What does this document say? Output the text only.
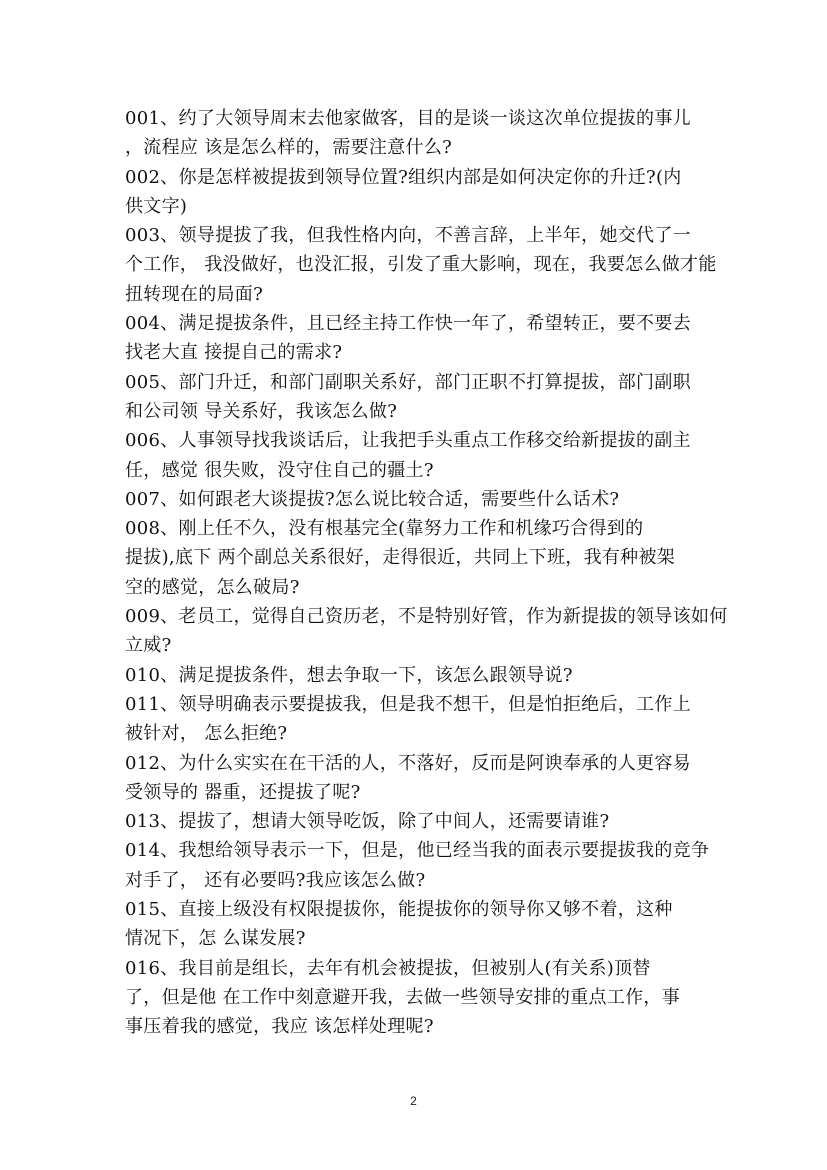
001、约了大领导周末去他家做客，目的是谈一谈这次单位提拔的事儿
，流程应 该是怎么样的，需要注意什么?

002、你是怎样被提拔到领导位置?组织内部是如何决定你的升迁?(内
供文字)

003、领导提拔了我，但我性格内向，不善言辞，上半年，她交代了一
个工作， 我没做好，也没汇报，引发了重大影响，现在，我要怎么做才能
扭转现在的局面?

004、满足提拔条件，且已经主持工作快一年了，希望转正，要不要去
找老大直 接提自己的需求?

005、部门升迁，和部门副职关系好，部门正职不打算提拔，部门副职
和公司领 导关系好，我该怎么做?

006、人事领导找我谈话后，让我把手头重点工作移交给新提拔的副主
任，感觉 很失败，没守住自己的疆土?

007、如何跟老大谈提拔?怎么说比较合适，需要些什么话术?

008、刚上任不久，没有根基完全(靠努力工作和机缘巧合得到的
提拔),底下 两个副总关系很好，走得很近，共同上下班，我有种被架
空的感觉，怎么破局?

009、老员工，觉得自己资历老，不是特别好管，作为新提拔的领导该如何
立威?

010、满足提拔条件，想去争取一下，该怎么跟领导说?

011、领导明确表示要提拔我，但是我不想干，但是怕拒绝后，工作上
被针对， 怎么拒绝?

012、为什么实实在在干活的人，不落好，反而是阿谀奉承的人更容易
受领导的 器重，还提拔了呢?

013、提拔了，想请大领导吃饭，除了中间人，还需要请谁?

014、我想给领导表示一下，但是，他已经当我的面表示要提拔我的竞争
对手了， 还有必要吗?我应该怎么做?

015、直接上级没有权限提拔你，能提拔你的领导你又够不着，这种
情况下，怎 么谋发展?

016、我目前是组长，去年有机会被提拔，但被别人(有关系)顶替
了，但是他 在工作中刻意避开我，去做一些领导安排的重点工作，事
事压着我的感觉，我应 该怎样处理呢?

2
